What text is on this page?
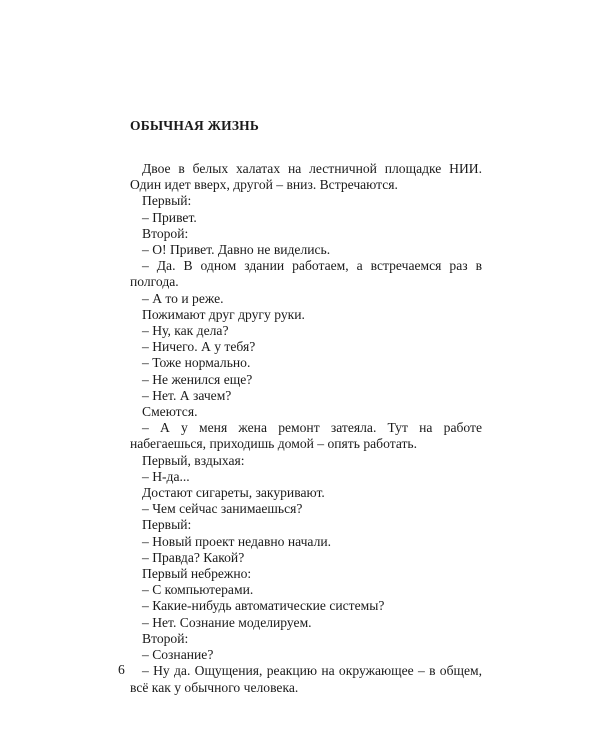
ОБЫЧНАЯ ЖИЗНЬ

Двое в белых халатах на лестничной площадке НИИ. Один идет вверх, другой – вниз. Встречаются.

Первый:

– Привет.

Второй:

– О! Привет. Давно не виделись.

– Да. В одном здании работаем, а встречаемся раз в полгода.

– А то и реже.

Пожимают друг другу руки.

– Ну, как дела?

– Ничего. А у тебя?

– Тоже нормально.

– Не женился еще?

– Нет. А зачем?

Смеются.

– А у меня жена ремонт затеяла. Тут на работе набегаешься, приходишь домой – опять работать.

Первый, вздыхая:

– Н-да...

Достают сигареты, закуривают.

– Чем сейчас занимаешься?

Первый:

– Новый проект недавно начали.

– Правда? Какой?

Первый небрежно:

– С компьютерами.

– Какие-нибудь автоматические системы?

– Нет. Сознание моделируем.

Второй:

– Сознание?

– Ну да. Ощущения, реакцию на окружающее – в общем, всё как у обычного человека.

6
